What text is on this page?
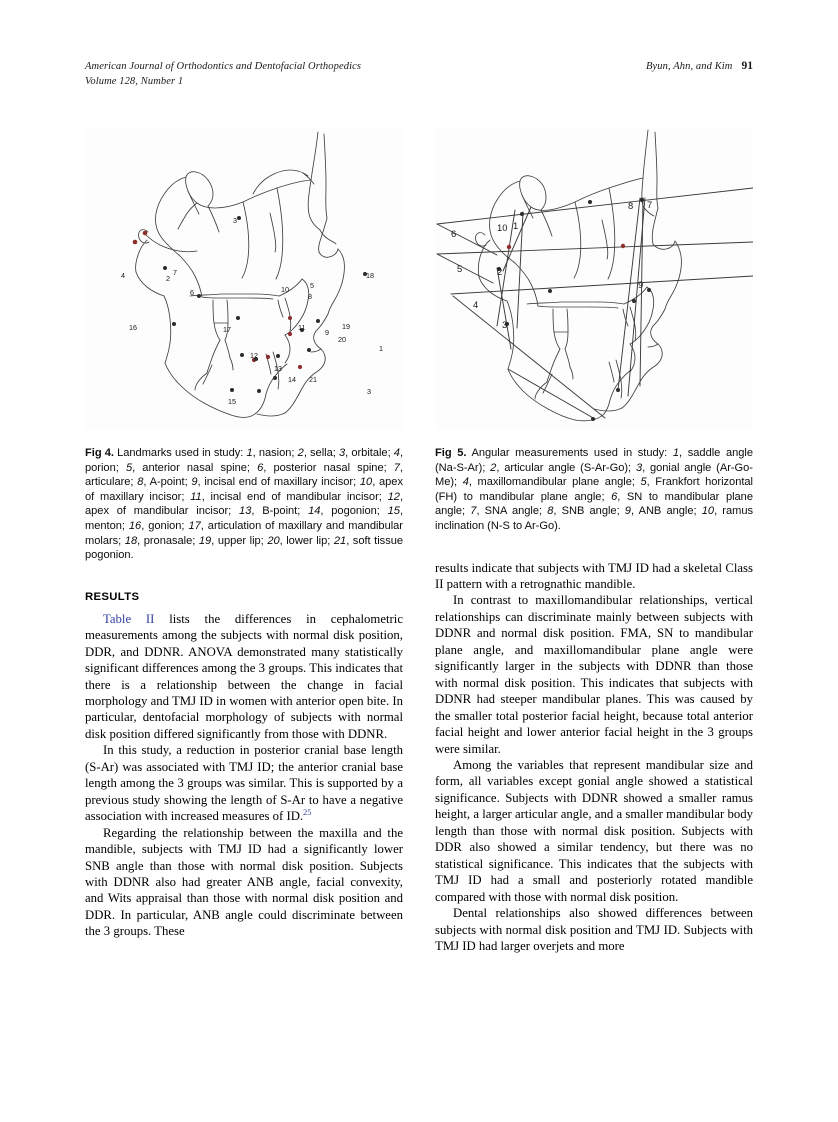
American Journal of Orthodontics and Dentofacial Orthopedics
Volume 128, Number 1
Byun, Ahn, and Kim 91
1
2
3
3
4
5
6
7
8
9
10
11
12
13
14
15
16	17
18
19
20
21
Fig 4. Landmarks used in study: 1, nasion; 2, sella; 3, orbitale; 4, porion; 5, anterior nasal spine; 6, posterior nasal spine; 7, articulare; 8, A-point; 9, incisal end of maxillary incisor; 10, apex of maxillary incisor; 11, incisal end of mandibular incisor; 12, apex of mandibular incisor; 13, B-point; 14, pogonion; 15, menton; 16, gonion; 17, articulation of maxillary and mandibular molars; 18, pronasale; 19, upper lip; 20, lower lip; 21, soft tissue pogonion.
RESULTS

Table II lists the differences in cephalometric measurements among the subjects with normal disk position, DDR, and DDNR. ANOVA demonstrated many statistically significant differences among the 3 groups. This indicates that there is a relationship between the change in facial morphology and TMJ ID in women with anterior open bite. In particular, dentofacial morphology of subjects with normal disk position differed significantly from those with DDNR.

In this study, a reduction in posterior cranial base length (S-Ar) was associated with TMJ ID; the anterior cranial base length among the 3 groups was similar. This is supported by a previous study showing the length of S-Ar to have a negative association with increased measures of ID.$^{25}$

Regarding the relationship between the maxilla and the mandible, subjects with TMJ ID had a significantly lower SNB angle than those with normal disk position. Subjects with DDNR also had greater ANB angle, facial convexity, and Wits appraisal than those with normal disk position and DDR. In particular, ANB angle could discriminate between the 3 groups. These

1
2
3
4
5
6
7
8
9
10
Fig 5. Angular measurements used in study: 1, saddle angle (Na-S-Ar); 2, articular angle (S-Ar-Go); 3, gonial angle (Ar-Go-Me); 4, maxillomandibular plane angle; 5, Frankfort horizontal (FH) to mandibular plane angle; 6, SN to mandibular plane angle; 7, SNA angle; 8, SNB angle; 9, ANB angle; 10, ramus inclination (N-S to Ar-Go).

results indicate that subjects with TMJ ID had a skeletal Class II pattern with a retrognathic mandible.

In contrast to maxillomandibular relationships, vertical relationships can discriminate mainly between subjects with DDNR and normal disk position. FMA, SN to mandibular plane angle, and maxillomandibular plane angle were significantly larger in the subjects with DDNR than those with normal disk position. This indicates that subjects with DDNR had steeper mandibular planes. This was caused by the smaller total posterior facial height, because total anterior facial height and lower anterior facial height in the 3 groups were similar.

Among the variables that represent mandibular size and form, all variables except gonial angle showed a statistical significance. Subjects with DDNR showed a smaller ramus height, a larger articular angle, and a smaller mandibular body length than those with normal disk position. Subjects with DDR also showed a similar tendency, but there was no statistical significance. This indicates that the subjects with TMJ ID had a small and posteriorly rotated mandible compared with those with normal disk position.

Dental relationships also showed differences between subjects with normal disk position and TMJ ID. Subjects with TMJ ID had larger overjets and more
